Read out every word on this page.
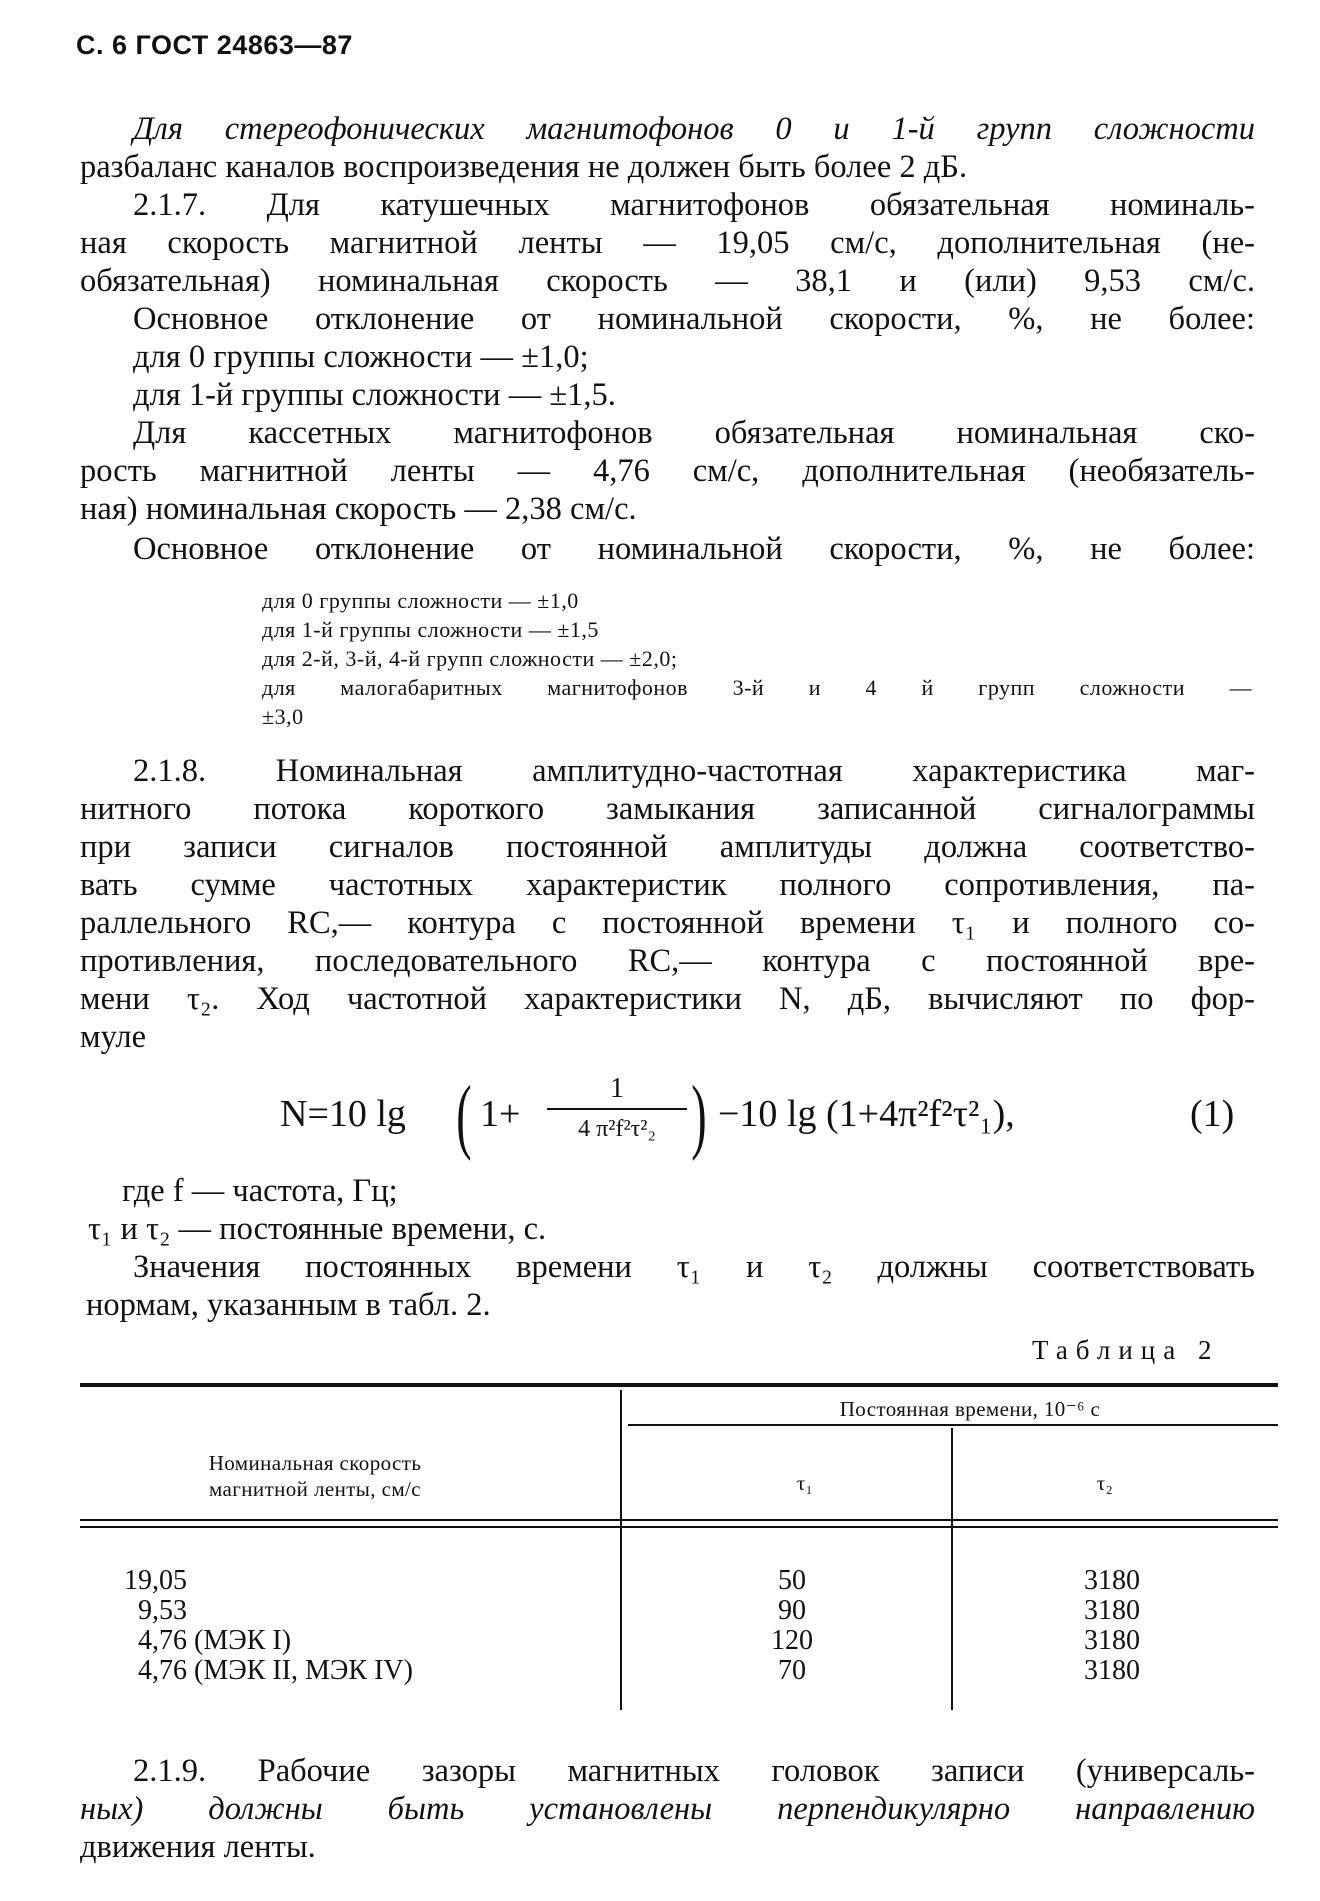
С. 6 ГОСТ 24863—87
Для стереофонических магнитофонов 0 и 1-й групп сложности
разбаланс каналов воспроизведения не должен быть более 2 дБ.
2.1.7. Для катушечных магнитофонов обязательная номиналь-
ная скорость магнитной ленты — 19,05 см/с, дополнительная (не-
обязательная) номинальная скорость — 38,1 и (или) 9,53 см/с.
Основное отклонение от номинальной скорости, %, не более:
для 0 группы сложности — ±1,0;
для 1-й группы сложности — ±1,5.
Для кассетных магнитофонов обязательная номинальная ско-
рость магнитной ленты — 4,76 см/с, дополнительная (необязатель-
ная) номинальная скорость — 2,38 см/с.
Основное отклонение от номинальной скорости, %, не более:
для 0 группы сложности — ±1,0
для 1-й группы сложности — ±1,5
для 2-й, 3-й, 4-й групп сложности — ±2,0;
для малогабаритных магнитофонов 3-й и 4 й групп сложности —
±3,0
2.1.8. Номинальная амплитудно-частотная характеристика маг-
нитного потока короткого замыкания записанной сигналограммы
при записи сигналов постоянной амплитуды должна соответство-
вать сумме частотных характеристик полного сопротивления, па-
раллельного RC,— контура с постоянной времени τ₁ и полного со-
противления, последовательного RC,— контура с постоянной вре-
мени τ₂. Ход частотной характеристики N, дБ, вычисляют по фор-
муле
N=10 lg ( 1+
1
4 π²f²τ²₂ ) −10 lg (1+4π²f²τ²₁),	(1)
где f — частота, Гц;
τ₁ и τ₂ — постоянные времени, с.
Значения постоянных времени τ₁ и τ₂ должны соответствовать
нормам, указанным в табл. 2.
Таблица 2
Номинальная скорость
магнитной ленты, см/с
Постоянная времени, 10⁻⁶ с
τ₁	τ₂
19,05	50	3180
9,53	90	3180
4,76 (МЭК I)	120	3180
4,76 (МЭК II, МЭК IV)	70	3180
2.1.9. Рабочие зазоры магнитных головок записи (универсаль-
ных) должны быть установлены перпендикулярно направлению
движения ленты.
